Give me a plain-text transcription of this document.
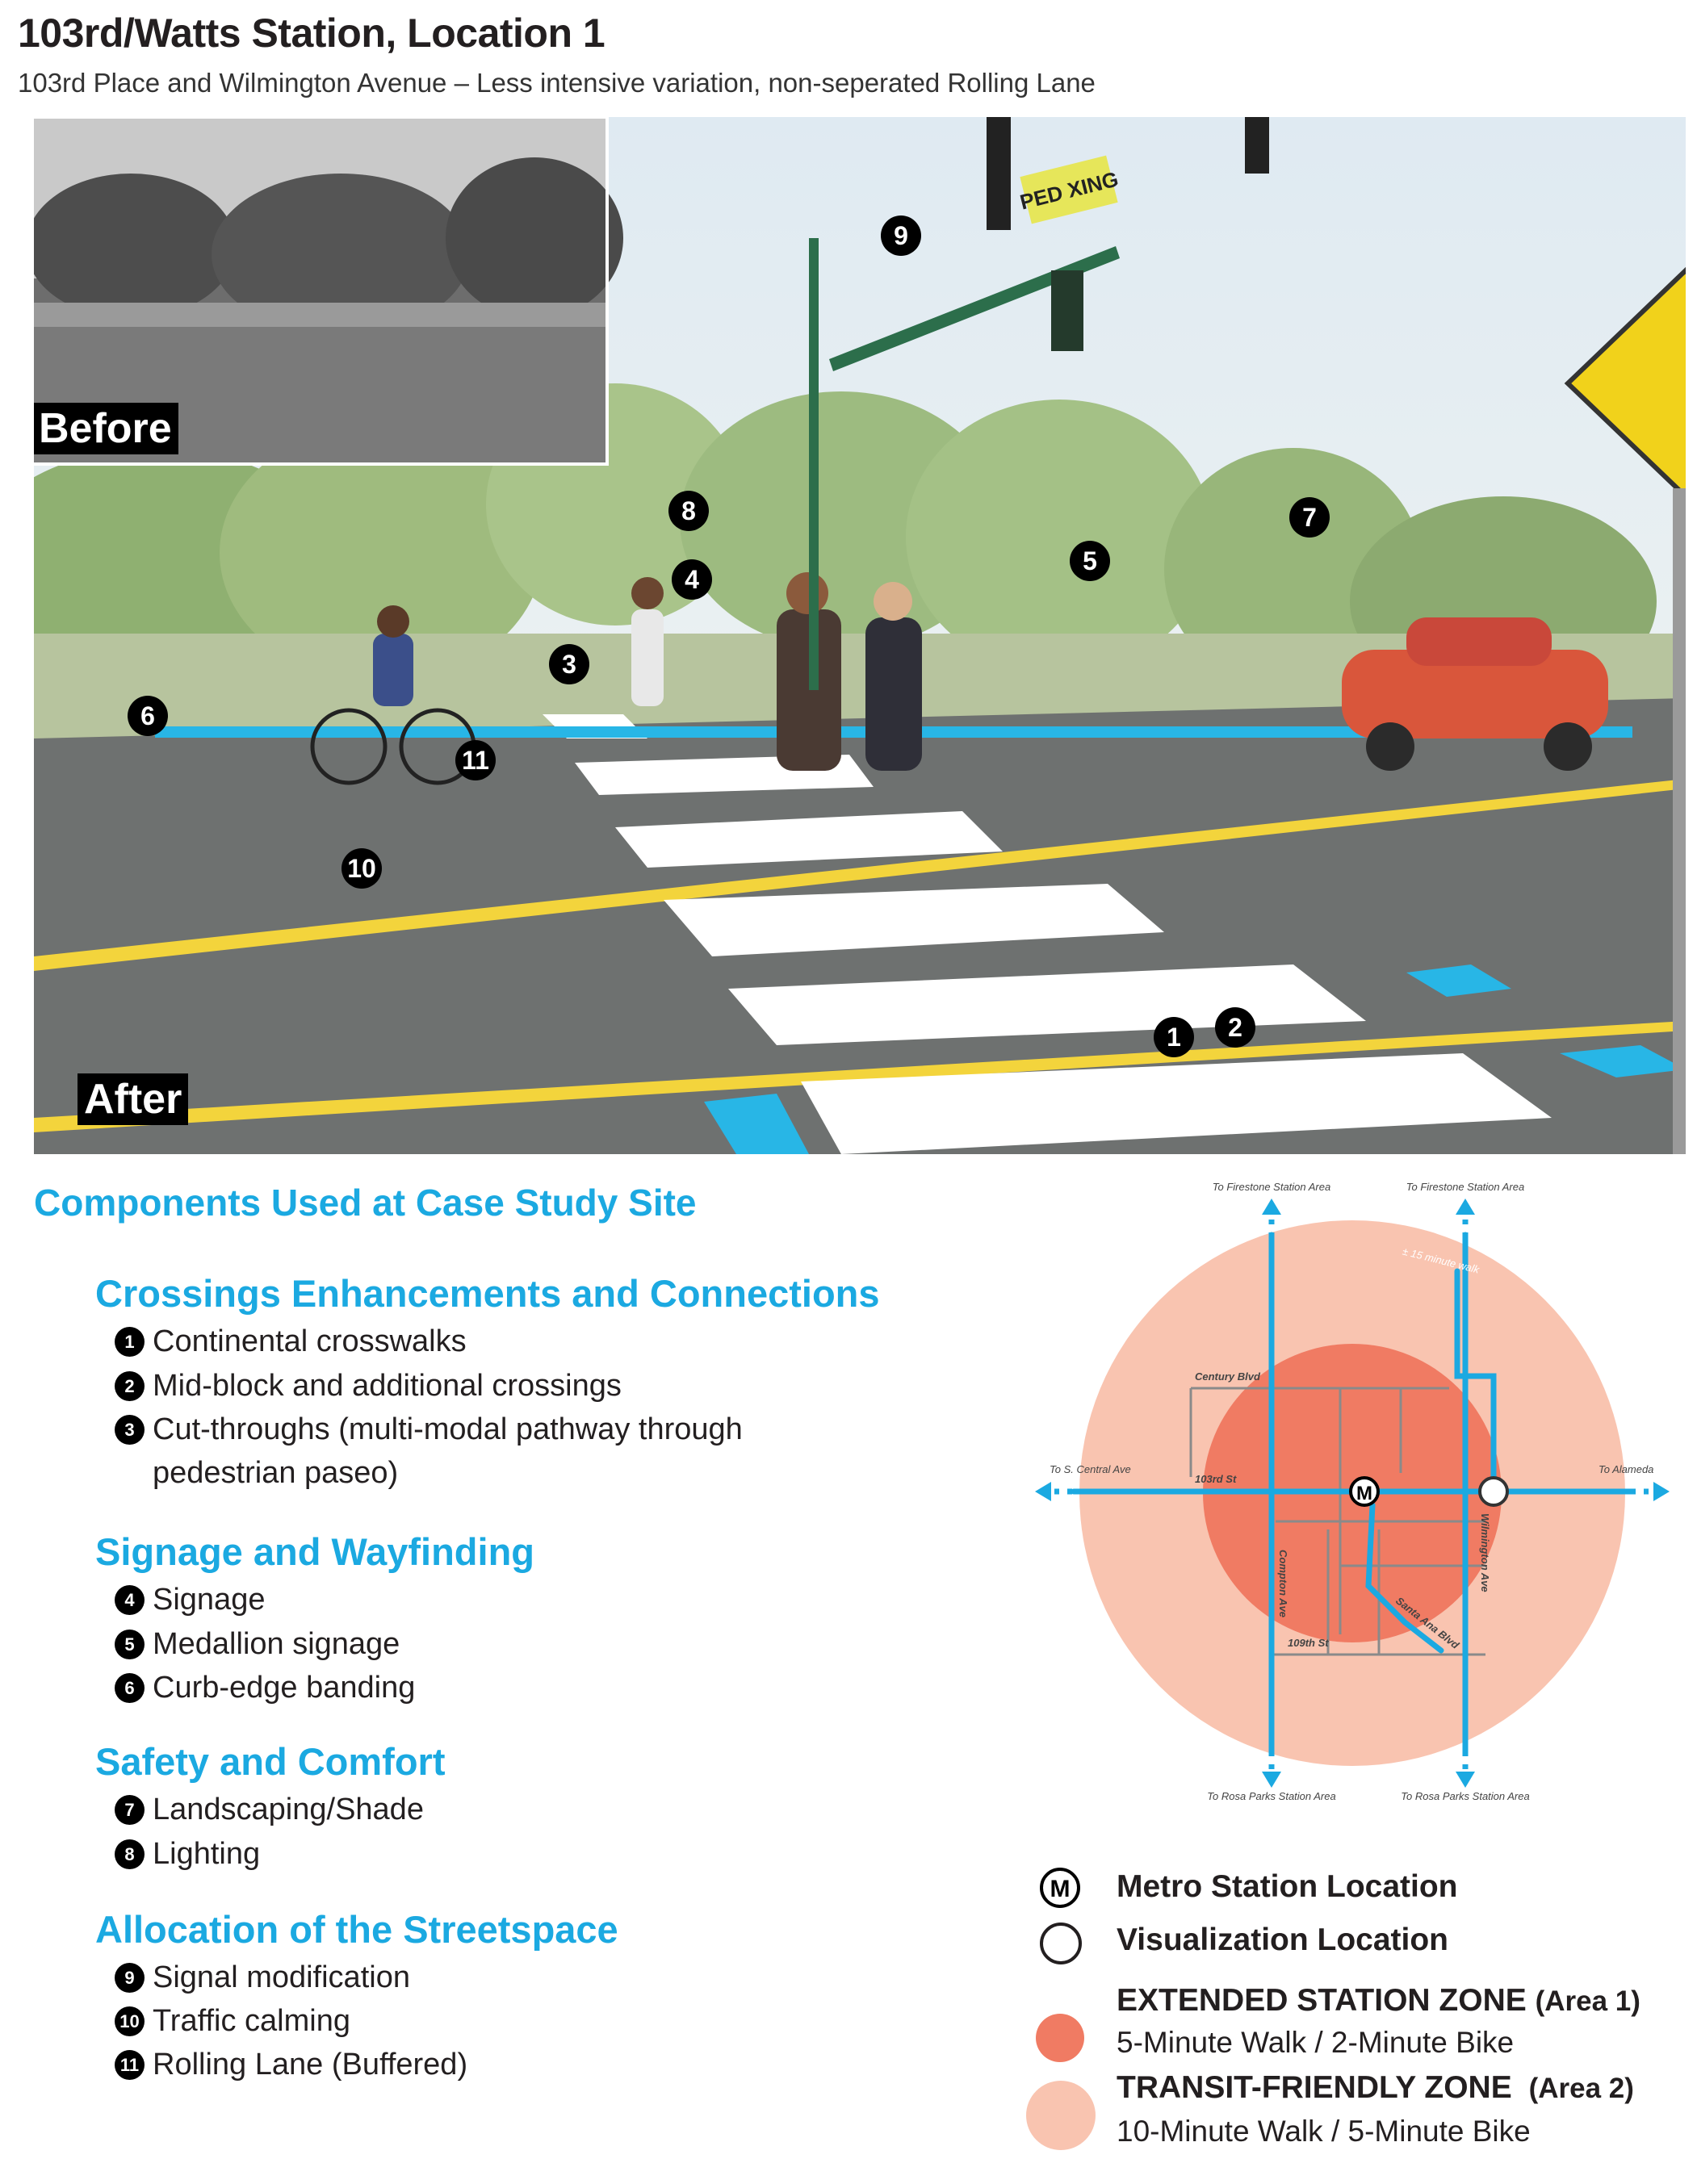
103rd/Watts Station, Location 1
103rd Place and Wilmington Avenue – Less intensive variation, non-seperated Rolling Lane
PED XING
Before
After
1	2
3
4
5
6
7
8
9
10
11
Components Used at Case Study Site
Crossings Enhancements and Connections
1 Continental crosswalks
2 Mid-block and additional crossings
3 Cut-throughs (multi-modal pathway through pedestrian paseo)
Signage and Wayfinding
4 Signage
5 Medallion signage
6 Curb-edge banding
Safety and Comfort
7 Landscaping/Shade
8 Lighting
Allocation of the Streetspace
9 Signal modification
10 Traffic calming
11 Rolling Lane (Buffered)
M
To Firestone Station Area	To Firestone Station Area
To S. Central Ave	To Alameda
To Rosa Parks Station Area	To Rosa Parks Station Area
± 15 minute walk
Century Blvd
103rd St
Compton Ave	Wilmington Ave
Santa Ana Blvd
109th St
M Metro Station Location
Visualization Location
EXTENDED STATION ZONE (Area 1)
5-Minute Walk / 2-Minute Bike
TRANSIT-FRIENDLY ZONE (Area 2)
10-Minute Walk / 5-Minute Bike
